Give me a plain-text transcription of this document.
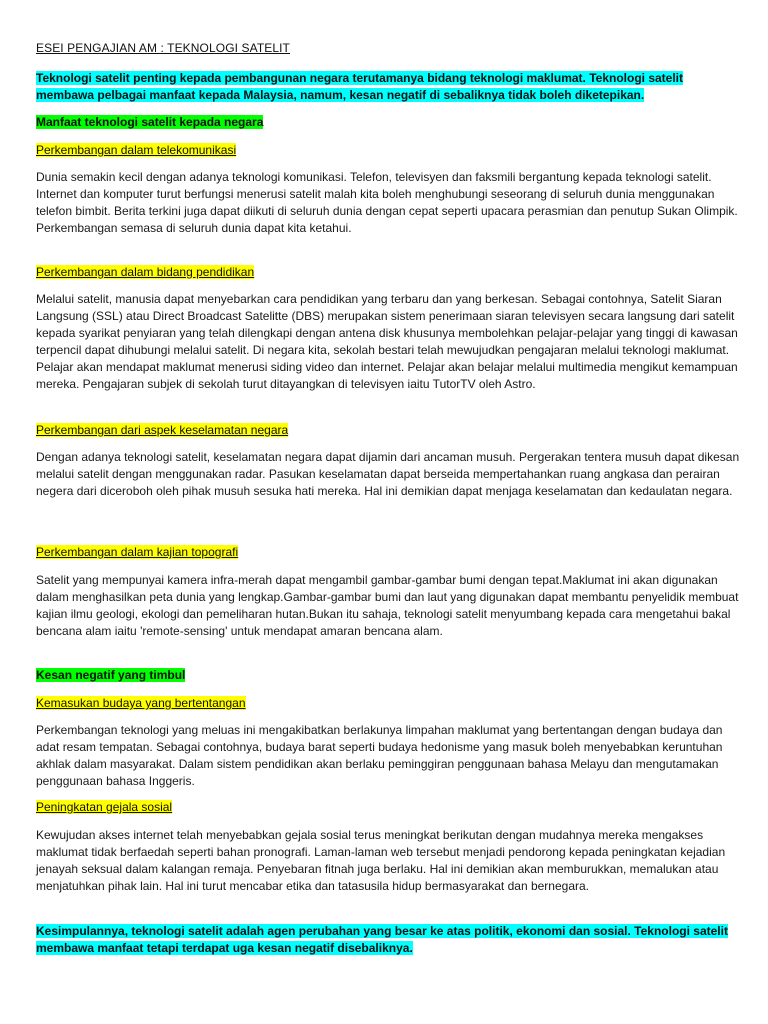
ESEI PENGAJIAN AM : TEKNOLOGI SATELIT

Teknologi satelit penting kepada pembangunan negara terutamanya bidang teknologi maklumat. Teknologi satelit membawa pelbagai manfaat kepada Malaysia, namum, kesan negatif di sebaliknya tidak boleh diketepikan.

Manfaat teknologi satelit kepada negara

Perkembangan dalam telekomunikasi

Dunia semakin kecil dengan adanya teknologi komunikasi. Telefon, televisyen dan faksmili bergantung kepada teknologi satelit. Internet dan komputer turut berfungsi menerusi satelit malah kita boleh menghubungi seseorang di seluruh dunia menggunakan telefon bimbit. Berita terkini juga dapat diikuti di seluruh dunia dengan cepat seperti upacara perasmian dan penutup Sukan Olimpik. Perkembangan semasa di seluruh dunia dapat kita ketahui.

Perkembangan dalam bidang pendidikan

Melalui satelit, manusia dapat menyebarkan cara pendidikan yang terbaru dan yang berkesan. Sebagai contohnya, Satelit Siaran Langsung (SSL) atau Direct Broadcast Satelitte (DBS) merupakan sistem penerimaan siaran televisyen secara langsung dari satelit kepada syarikat penyiaran yang telah dilengkapi dengan antena disk khusunya membolehkan pelajar-pelajar yang tinggi di kawasan terpencil dapat dihubungi melalui satelit. Di negara kita, sekolah bestari telah mewujudkan pengajaran melalui teknologi maklumat. Pelajar akan mendapat maklumat menerusi siding video dan internet. Pelajar akan belajar melalui multimedia mengikut kemampuan mereka. Pengajaran subjek di sekolah turut ditayangkan di televisyen iaitu TutorTV oleh Astro.

Perkembangan dari aspek keselamatan negara

Dengan adanya teknologi satelit, keselamatan negara dapat dijamin dari ancaman musuh. Pergerakan tentera musuh dapat dikesan melalui satelit dengan menggunakan radar. Pasukan keselamatan dapat berseida mempertahankan ruang angkasa dan perairan negera dari diceroboh oleh pihak musuh sesuka hati mereka. Hal ini demikian dapat menjaga keselamatan dan kedaulatan negara.

Perkembangan dalam kajian topografi

Satelit yang mempunyai kamera infra-merah dapat mengambil gambar-gambar bumi dengan tepat.Maklumat ini akan digunakan dalam menghasilkan peta dunia yang lengkap.Gambar-gambar bumi dan laut yang digunakan dapat membantu penyelidik membuat kajian ilmu geologi, ekologi dan pemeliharan hutan.Bukan itu sahaja, teknologi satelit menyumbang kepada cara mengetahui bakal bencana alam iaitu 'remote-sensing' untuk mendapat amaran bencana alam.

Kesan negatif yang timbul

Kemasukan budaya yang bertentangan

Perkembangan teknologi yang meluas ini mengakibatkan berlakunya limpahan maklumat yang bertentangan dengan budaya dan adat resam tempatan. Sebagai contohnya, budaya barat seperti budaya hedonisme yang masuk boleh menyebabkan keruntuhan akhlak dalam masyarakat. Dalam sistem pendidikan akan berlaku peminggiran penggunaan bahasa Melayu dan mengutamakan penggunaan bahasa Inggeris.

Peningkatan gejala sosial

Kewujudan akses internet telah menyebabkan gejala sosial terus meningkat berikutan dengan mudahnya mereka mengakses maklumat tidak berfaedah seperti bahan pronografi. Laman-laman web tersebut menjadi pendorong kepada peningkatan kejadian jenayah seksual dalam kalangan remaja. Penyebaran fitnah juga berlaku. Hal ini demikian akan memburukkan, memalukan atau menjatuhkan pihak lain. Hal ini turut mencabar etika dan tatasusila hidup bermasyarakat dan bernegara.

Kesimpulannya, teknologi satelit adalah agen perubahan yang besar ke atas politik, ekonomi dan sosial. Teknologi satelit membawa manfaat tetapi terdapat uga kesan negatif disebaliknya.
